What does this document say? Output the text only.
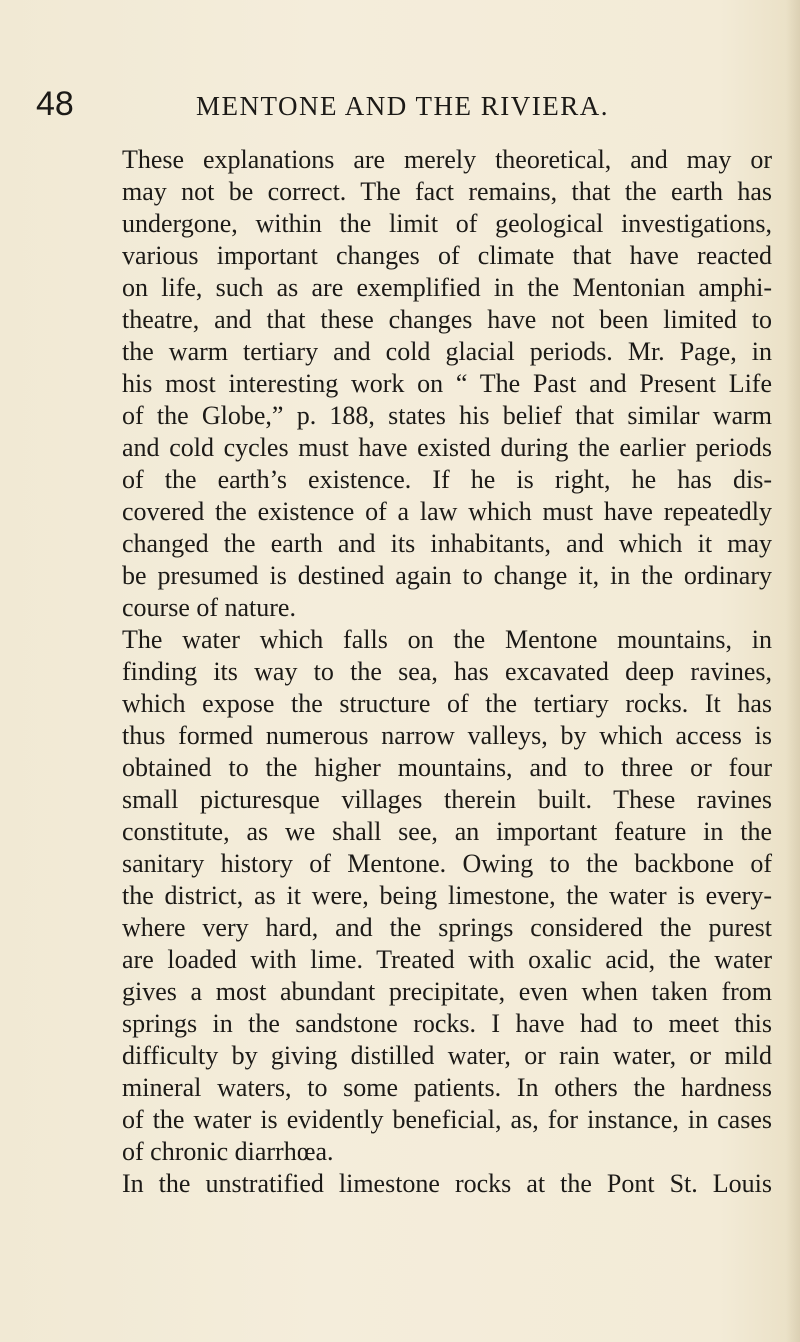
48	MENTONE AND THE RIVIERA.
These explanations are merely theoretical, and may or
may not be correct. The fact remains, that the earth has
undergone, within the limit of geological investigations,
various important changes of climate that have reacted
on life, such as are exemplified in the Mentonian amphi-
theatre, and that these changes have not been limited to
the warm tertiary and cold glacial periods. Mr. Page, in
his most interesting work on “ The Past and Present Life
of the Globe,” p. 188, states his belief that similar warm
and cold cycles must have existed during the earlier periods
of the earth’s existence. If he is right, he has dis-
covered the existence of a law which must have repeatedly
changed the earth and its inhabitants, and which it may
be presumed is destined again to change it, in the ordinary
course of nature.
The water which falls on the Mentone mountains, in
finding its way to the sea, has excavated deep ravines,
which expose the structure of the tertiary rocks. It has
thus formed numerous narrow valleys, by which access is
obtained to the higher mountains, and to three or four
small picturesque villages therein built. These ravines
constitute, as we shall see, an important feature in the
sanitary history of Mentone. Owing to the backbone of
the district, as it were, being limestone, the water is every-
where very hard, and the springs considered the purest
are loaded with lime. Treated with oxalic acid, the water
gives a most abundant precipitate, even when taken from
springs in the sandstone rocks. I have had to meet this
difficulty by giving distilled water, or rain water, or mild
mineral waters, to some patients. In others the hardness
of the water is evidently beneficial, as, for instance, in cases
of chronic diarrhœa.
In the unstratified limestone rocks at the Pont St. Louis
